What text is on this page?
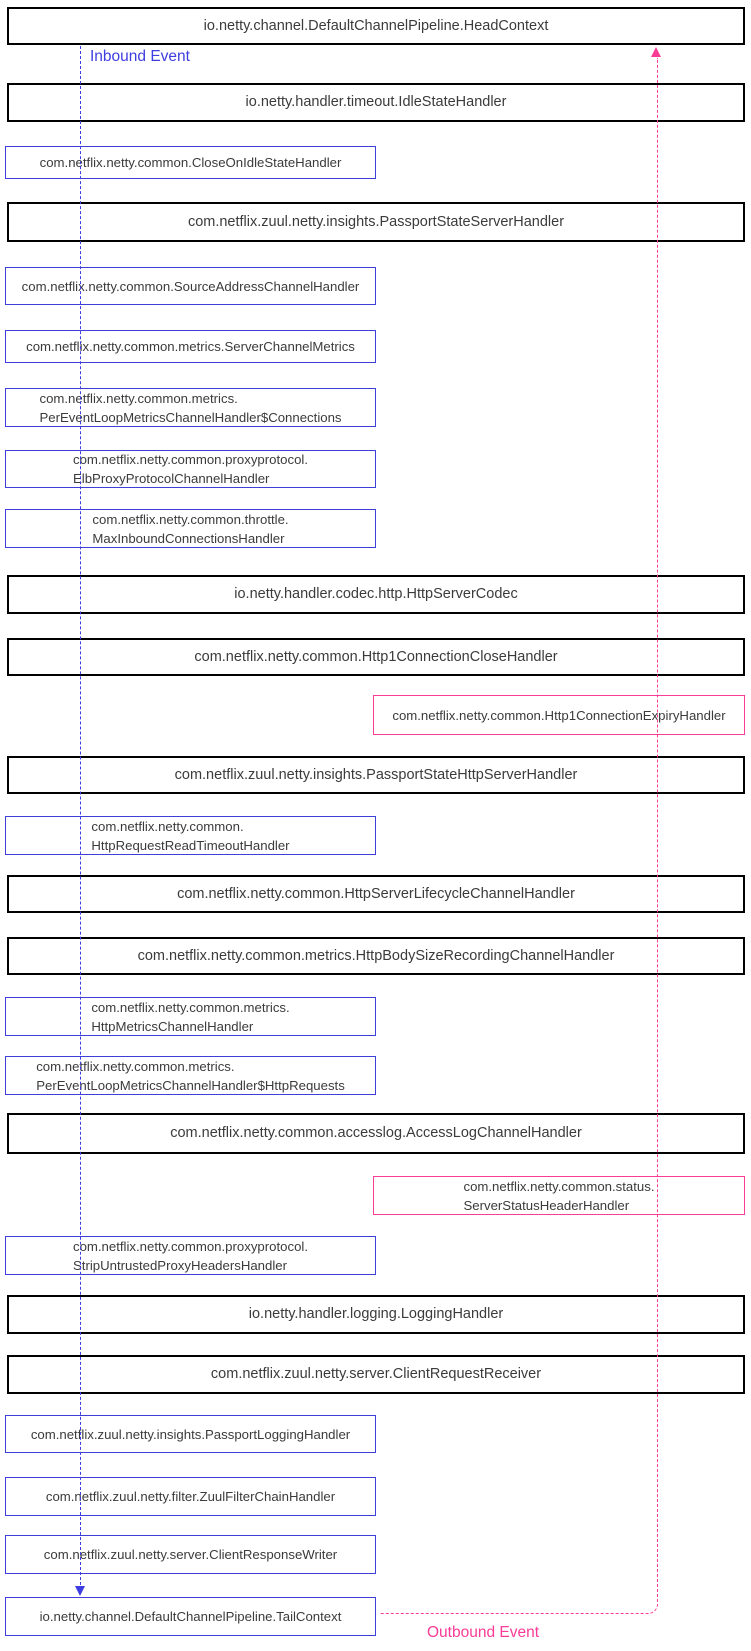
Inbound Event
Outbound Event
io.netty.channel.DefaultChannelPipeline.HeadContext
io.netty.handler.timeout.IdleStateHandler
com.netflix.netty.common.CloseOnIdleStateHandler
com.netflix.zuul.netty.insights.PassportStateServerHandler
com.netflix.netty.common.SourceAddressChannelHandler
com.netflix.netty.common.metrics.ServerChannelMetrics
com.netflix.netty.common.metrics.
PerEventLoopMetricsChannelHandler$Connections
com.netflix.netty.common.proxyprotocol.
ElbProxyProtocolChannelHandler
com.netflix.netty.common.throttle.
MaxInboundConnectionsHandler
io.netty.handler.codec.http.HttpServerCodec
com.netflix.netty.common.Http1ConnectionCloseHandler
com.netflix.netty.common.Http1ConnectionExpiryHandler
com.netflix.zuul.netty.insights.PassportStateHttpServerHandler
com.netflix.netty.common.
HttpRequestReadTimeoutHandler
com.netflix.netty.common.HttpServerLifecycleChannelHandler
com.netflix.netty.common.metrics.HttpBodySizeRecordingChannelHandler
com.netflix.netty.common.metrics.
HttpMetricsChannelHandler
com.netflix.netty.common.metrics.
PerEventLoopMetricsChannelHandler$HttpRequests
com.netflix.netty.common.accesslog.AccessLogChannelHandler
com.netflix.netty.common.status.
ServerStatusHeaderHandler
com.netflix.netty.common.proxyprotocol.
StripUntrustedProxyHeadersHandler
io.netty.handler.logging.LoggingHandler
com.netflix.zuul.netty.server.ClientRequestReceiver
com.netflix.zuul.netty.insights.PassportLoggingHandler
com.netflix.zuul.netty.filter.ZuulFilterChainHandler
com.netflix.zuul.netty.server.ClientResponseWriter
io.netty.channel.DefaultChannelPipeline.TailContext
